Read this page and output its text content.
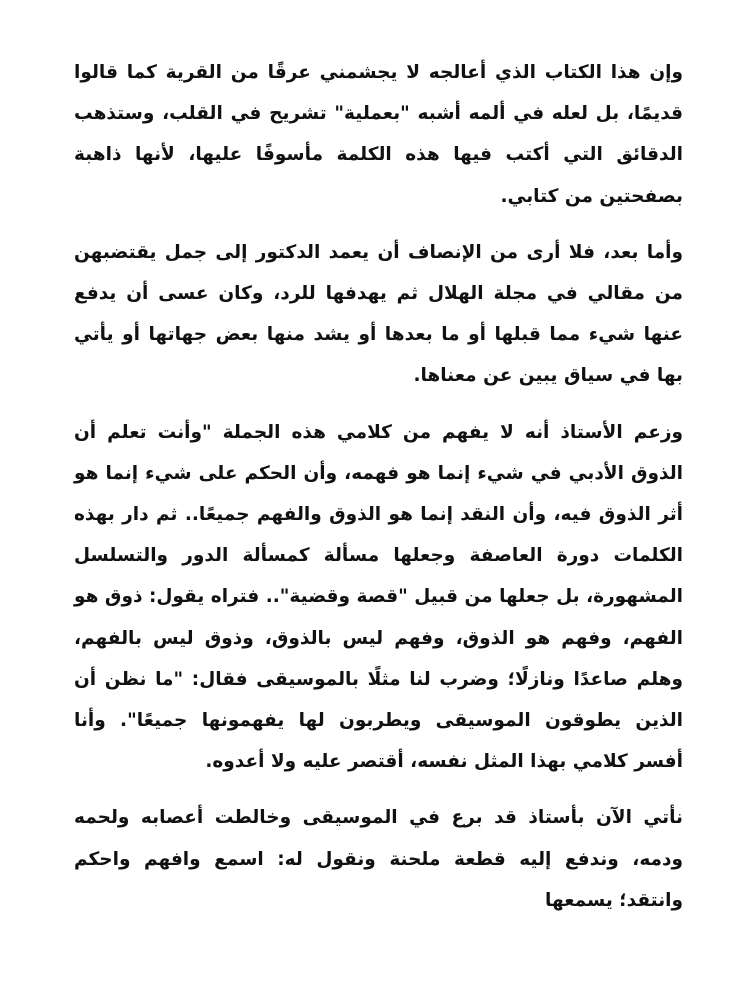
وإن هذا الكتاب الذي أعالجه لا يجشمني عرقًا من القرية كما قالوا قديمًا، بل لعله في ألمه أشبه "بعملية" تشريح في القلب، وستذهب الدقائق التي أكتب فيها هذه الكلمة مأسوفًا عليها، لأنها ذاهبة بصفحتين من كتابي.

وأما بعد، فلا أرى من الإنصاف أن يعمد الدكتور إلى جمل يقتضبهن من مقالي في مجلة الهلال ثم يهدفها للرد، وكان عسى أن يدفع عنها شيء مما قبلها أو ما بعدها أو يشد منها بعض جهاتها أو يأتي بها في سياق يبين عن معناها.

وزعم الأستاذ أنه لا يفهم من كلامي هذه الجملة "وأنت تعلم أن الذوق الأدبي في شيء إنما هو فهمه، وأن الحكم على شيء إنما هو أثر الذوق فيه، وأن النقد إنما هو الذوق والفهم جميعًا.. ثم دار بهذه الكلمات دورة العاصفة وجعلها مسألة كمسألة الدور والتسلسل المشهورة، بل جعلها من قبيل "قصة وقضية".. فتراه يقول: ذوق هو الفهم، وفهم هو الذوق، وفهم ليس بالذوق، وذوق ليس بالفهم، وهلم صاعدًا ونازلًا؛ وضرب لنا مثلًا بالموسيقى فقال: "ما نظن أن الذين يطوقون الموسيقى ويطربون لها يفهمونها جميعًا". وأنا أفسر كلامي بهذا المثل نفسه، أقتصر عليه ولا أعدوه.

نأتي الآن بأستاذ قد برع في الموسيقى وخالطت أعصابه ولحمه ودمه، وندفع إليه قطعة ملحنة ونقول له: اسمع وافهم واحكم وانتقد؛ يسمعها
